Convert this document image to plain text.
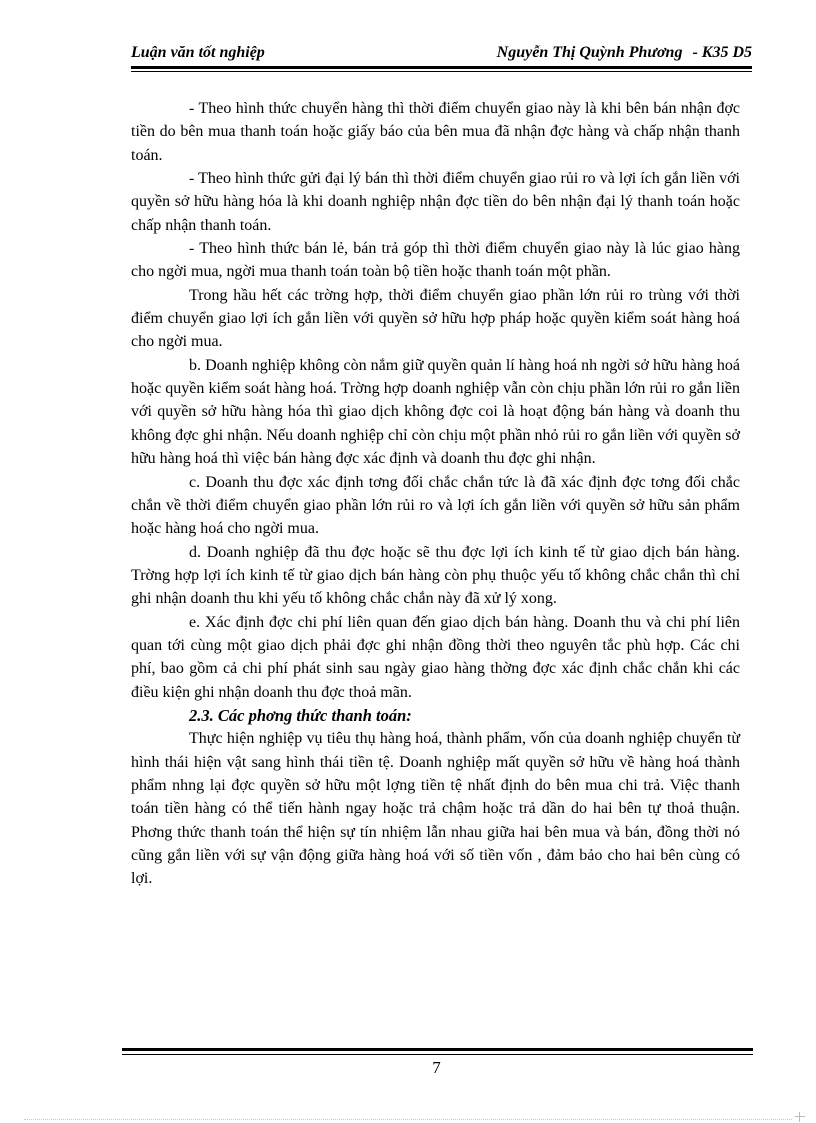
Luận văn tốt nghiệp	Nguyễn Thị Quỳnh Phương - K35 D5

- Theo hình thức chuyển hàng thì thời điểm chuyển giao này là khi bên bán nhận đợc tiền do bên mua thanh toán hoặc giấy báo của bên mua đã nhận đợc hàng và chấp nhận thanh toán.

- Theo hình thức gửi đại lý bán thì thời điểm chuyển giao rủi ro và lợi ích gắn liền với quyền sở hữu hàng hóa là khi doanh nghiệp nhận đợc tiền do bên nhận đại lý thanh toán hoặc chấp nhận thanh toán.

- Theo hình thức bán lẻ, bán trả góp thì thời điểm chuyển giao này là lúc giao hàng cho ngời mua, ngời mua thanh toán toàn bộ tiền hoặc thanh toán một phần.

Trong hầu hết các trờng hợp, thời điểm chuyển giao phần lớn rủi ro trùng với thời điểm chuyển giao lợi ích gắn liền với quyền sở hữu hợp pháp hoặc quyền kiểm soát hàng hoá cho ngời mua.

b. Doanh nghiệp không còn nắm giữ quyền quản lí hàng hoá nh ngời sở hữu hàng hoá hoặc quyền kiểm soát hàng hoá. Trờng hợp doanh nghiệp vẫn còn chịu phần lớn rủi ro gắn liền với quyền sở hữu hàng hóa thì giao dịch không đợc coi là hoạt động bán hàng và doanh thu không đợc ghi nhận. Nếu doanh nghiệp chỉ còn chịu một phần nhỏ rủi ro gắn liền với quyền sở hữu hàng hoá thì việc bán hàng đợc xác định và doanh thu đợc ghi nhận.

c. Doanh thu đợc xác định tơng đối chắc chắn tức là đã xác định đợc tơng đối chắc chắn về thời điểm chuyển giao phần lớn rủi ro và lợi ích gắn liền với quyền sở hữu sản phẩm hoặc hàng hoá cho ngời mua.

d. Doanh nghiệp đã thu đợc hoặc sẽ thu đợc lợi ích kinh tế từ giao dịch bán hàng. Trờng hợp lợi ích kinh tế từ giao dịch bán hàng còn phụ thuộc yếu tố không chắc chắn thì chỉ ghi nhận doanh thu khi yếu tố không chắc chắn này đã xử lý xong.

e. Xác định đợc chi phí liên quan đến giao dịch bán hàng. Doanh thu và chi phí liên quan tới cùng một giao dịch phải đợc ghi nhận đồng thời theo nguyên tắc phù hợp. Các chi phí, bao gồm cả chi phí phát sinh sau ngày giao hàng thờng đợc xác định chắc chắn khi các điều kiện ghi nhận doanh thu đợc thoả mãn.

2.3. Các phơng thức thanh toán:

Thực hiện nghiệp vụ tiêu thụ hàng hoá, thành phẩm, vốn của doanh nghiệp chuyển từ hình thái hiện vật sang hình thái tiền tệ. Doanh nghiệp mất quyền sở hữu về hàng hoá thành phẩm nhng lại đợc quyền sở hữu một lợng tiền tệ nhất định do bên mua chi trả. Việc thanh toán tiền hàng có thể tiến hành ngay hoặc trả chậm hoặc trả dần do hai bên tự thoả thuận. Phơng thức thanh toán thể hiện sự tín nhiệm lẫn nhau giữa hai bên mua và bán, đồng thời nó cũng gắn liền với sự vận động giữa hàng hoá với số tiền vốn , đảm bảo cho hai bên cùng có lợi.

7
